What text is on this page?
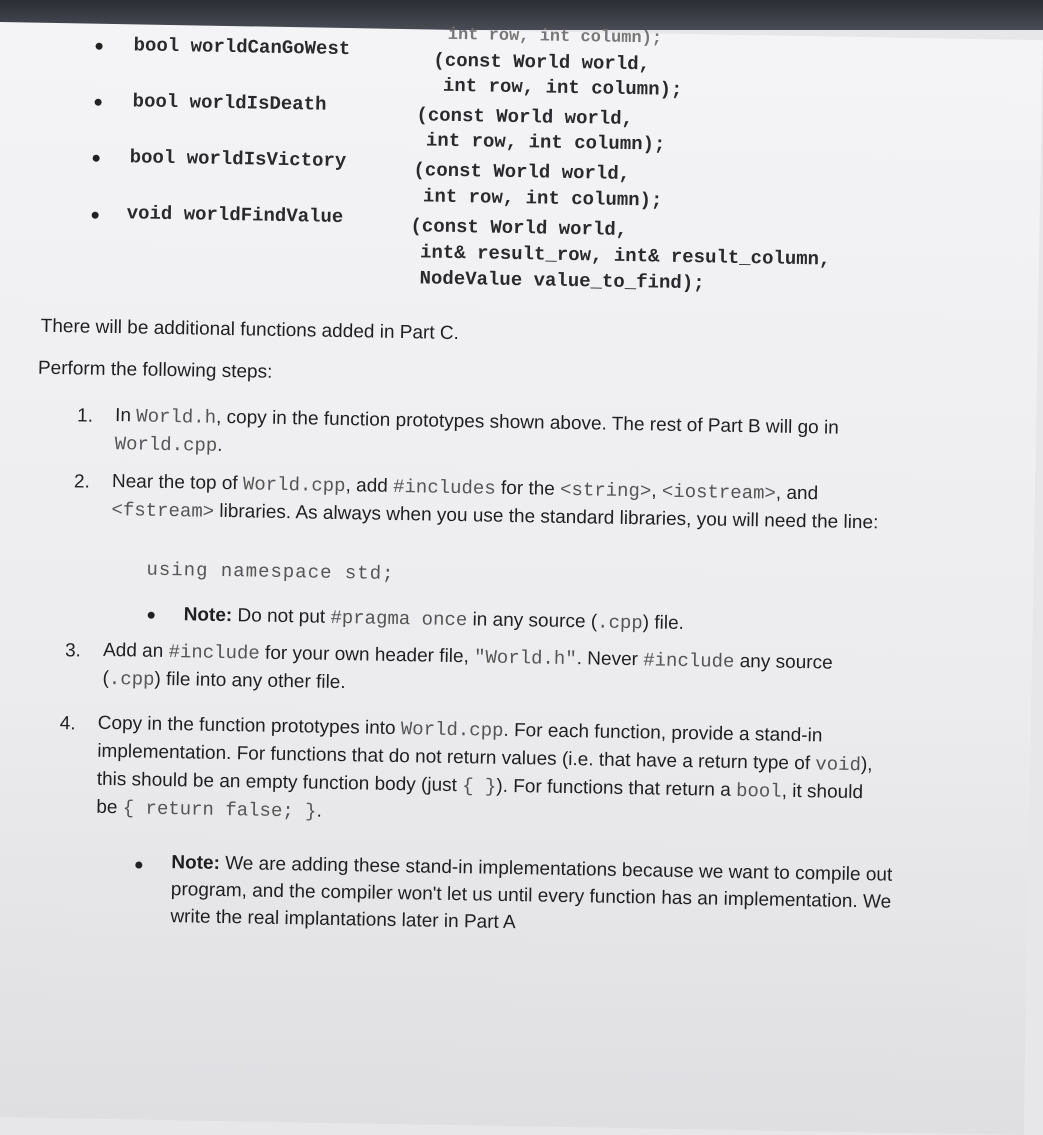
int row, int column);
bool worldCanGoWest
(const World world,
int row, int column);
bool worldIsDeath
(const World world,
int row, int column);
bool worldIsVictory
(const World world,
int row, int column);
void worldFindValue
(const World world,
int& result_row, int& result_column,
NodeValue value_to_find);
There will be additional functions added in Part C.
Perform the following steps:
1. In World.h, copy in the function prototypes shown above. The rest of Part B will go in
World.cpp.
2. Near the top of World.cpp, add #includes for the <string>, <iostream>, and
<fstream> libraries. As always when you use the standard libraries, you will need the line:
using namespace std;
Note: Do not put #pragma once in any source (.cpp) file.
3. Add an #include for your own header file, "World.h". Never #include any source
(.cpp) file into any other file.
4. Copy in the function prototypes into World.cpp. For each function, provide a stand-in
implementation. For functions that do not return values (i.e. that have a return type of void),
this should be an empty function body (just { }). For functions that return a bool, it should
be { return false; }.
Note: We are adding these stand-in implementations because we want to compile out
program, and the compiler won't let us until every function has an implementation. We
write the real implantations later in Part A
